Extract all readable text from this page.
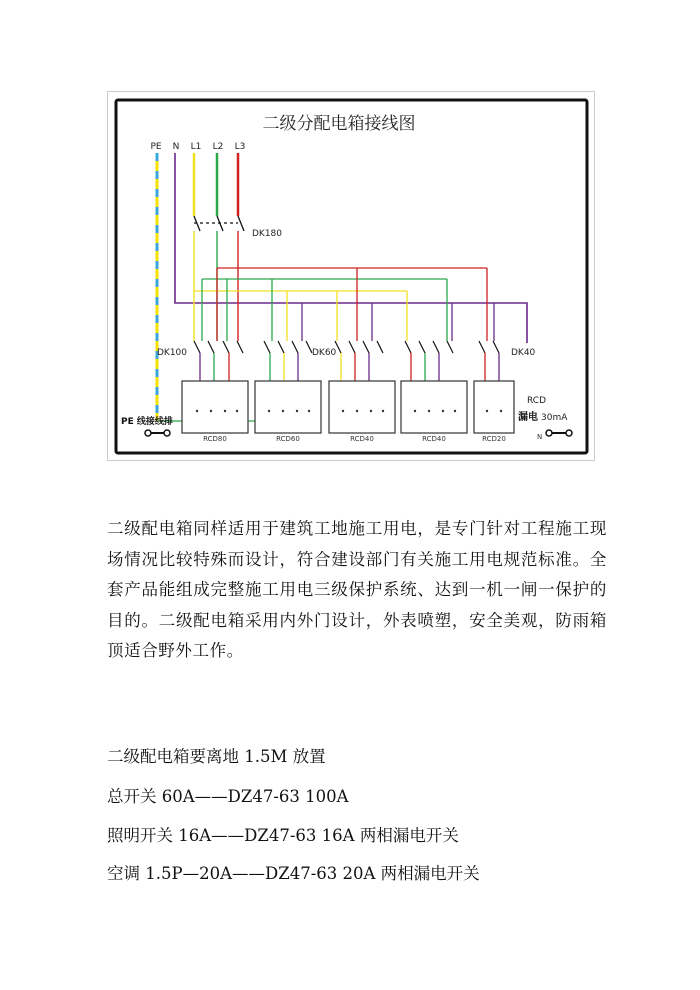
二级分配电箱接线图
PE N L1 L2 L3
DK180
DK100	DK60	DK40
RCD80	RCD60	RCD40	RCD40	RCD20
RCD
漏电 30mA
N
PE 线接线排

二级配电箱同样适用于建筑工地施工用电，是专门针对工程施工现场情况比较特殊而设计，符合建设部门有关施工用电规范标准。全套产品能组成完整施工用电三级保护系统、达到一机一闸一保护的目的。二级配电箱采用内外门设计，外表喷塑，安全美观，防雨箱顶适合野外工作。

二级配电箱要离地 1.5M 放置

总开关 60A——DZ47-63 100A

照明开关 16A——DZ47-63 16A 两相漏电开关

空调 1.5P—20A——DZ47-63 20A 两相漏电开关
